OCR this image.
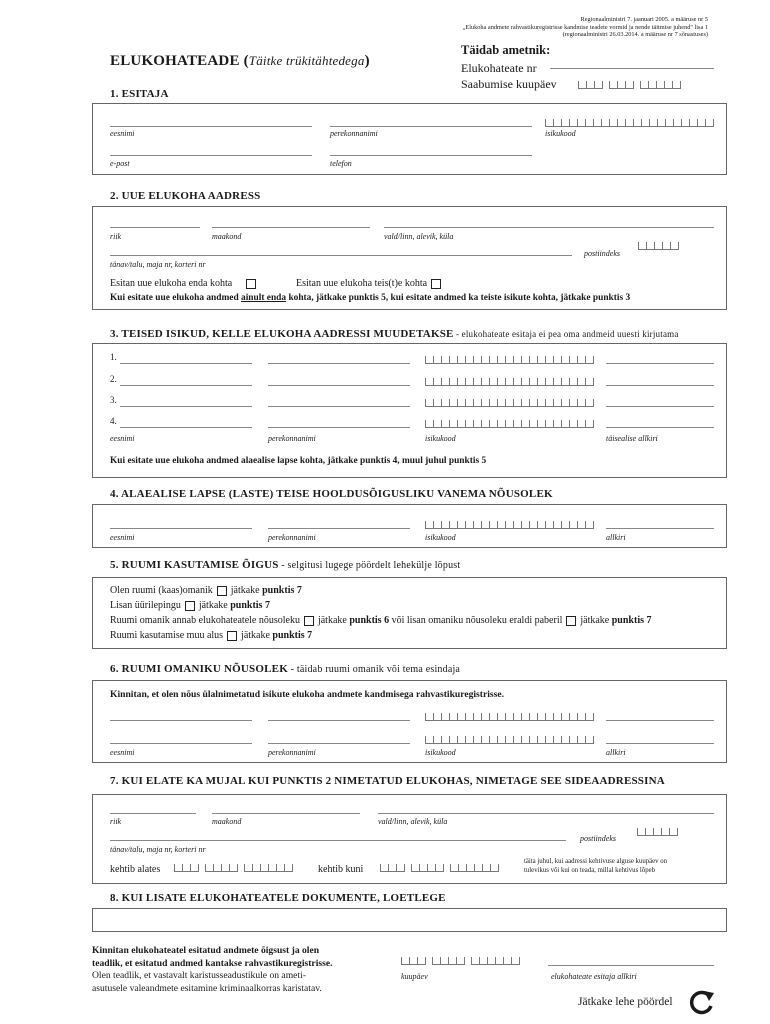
Regionaalministri 7. jaanuari 2005. a määruse nr 5
„Elukoha andmete rahvastikuregistrisse kandmise teadete vormid ja nende täitmise juhend" lisa 1
(regionaalministri 26.03.2014. a määruse nr 7 sõnastuses)
ELUKOHATEADE (Täitke trükitähtedega)
Täidab ametnik:
Elukohateate nr
Saabumise kuupäev
1. ESITAJA
eesnimi	perekonnanimi	isikukood
e-post	telefon
2. UUE ELUKOHA AADRESS
riik	maakond	vald/linn, alevik, küla
postiindeks
tänav/talu, maja nr, korteri nr
Esitan uue elukoha enda kohta	Esitan uue elukoha teis(t)e kohta
Kui esitate uue elukoha andmed ainult enda kohta, jätkake punktis 5, kui esitate andmed ka teiste isikute kohta, jätkake punktis 3
3. TEISED ISIKUD, KELLE ELUKOHA AADRESSI MUUDETAKSE - elukohateate esitaja ei pea oma andmeid uuesti kirjutama
1.
2.
3.
4.
eesnimi	perekonnanimi	isikukood	täisealise allkiri
Kui esitate uue elukoha andmed alaealise lapse kohta, jätkake punktis 4, muul juhul punktis 5
4. ALAEALISE LAPSE (LASTE) TEISE HOOLDUSÕIGUSLIKU VANEMA NÕUSOLEK
eesnimi	perekonnanimi	isikukood	allkiri
5. RUUMI KASUTAMISE ÕIGUS - selgitusi lugege pöördelt lehekülje lõpust
Olen ruumi (kaas)omanik jätkake punktis 7
Lisan üürilepingu jätkake punktis 7
Ruumi omanik annab elukohateatele nõusoleku jätkake punktis 6 või lisan omaniku nõusoleku eraldi paberil jätkake punktis 7
Ruumi kasutamise muu alus jätkake punktis 7
6. RUUMI OMANIKU NÕUSOLEK - täidab ruumi omanik või tema esindaja
Kinnitan, et olen nõus ülalnimetatud isikute elukoha andmete kandmisega rahvastikuregistrisse.
eesnimi	perekonnanimi	isikukood	allkiri
7. KUI ELATE KA MUJAL KUI PUNKTIS 2 NIMETATUD ELUKOHAS, NIMETAGE SEE SIDEAADRESSINA
riik	maakond	vald/linn, alevik, küla
postiindeks
tänav/talu, maja nr, korteri nr
kehtib alates	kehtib kuni
täita juhul, kui aadressi kehtivuse alguse kuupäev on
tulevikus või kui on teada, millal kehtivus lõpeb
8. KUI LISATE ELUKOHATEATELE DOKUMENTE, LOETLEGE
Kinnitan elukohateatel esitatud andmete õigsust ja olen
teadlik, et esitatud andmed kantakse rahvastikuregistrisse.
Olen teadlik, et vastavalt karistusseadustikule on ameti-
asutusele valeandmete esitamine kriminaalkorras karistatav.
kuupäev	elukohateate esitaja allkiri
Jätkake lehe pöördel
